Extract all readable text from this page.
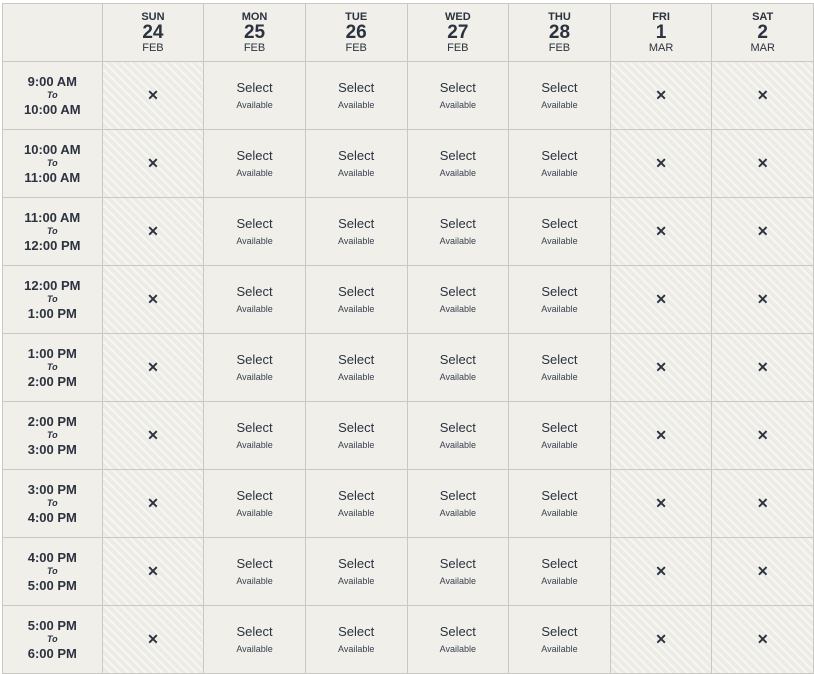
	SUN
24
FEB	MON
25
FEB	TUE
26
FEB	WED
27
FEB	THU
28
FEB	FRI
1
MAR	SAT
2
MAR

9:00 AM
To
10:00 AM	✕	Select
Available	Select
Available	Select
Available	Select
Available	✕	✕

10:00 AM
To
11:00 AM	✕	Select
Available	Select
Available	Select
Available	Select
Available	✕	✕

11:00 AM
To
12:00 PM	✕	Select
Available	Select
Available	Select
Available	Select
Available	✕	✕

12:00 PM
To
1:00 PM	✕	Select
Available	Select
Available	Select
Available	Select
Available	✕	✕

1:00 PM
To
2:00 PM	✕	Select
Available	Select
Available	Select
Available	Select
Available	✕	✕

2:00 PM
To
3:00 PM	✕	Select
Available	Select
Available	Select
Available	Select
Available	✕	✕

3:00 PM
To
4:00 PM	✕	Select
Available	Select
Available	Select
Available	Select
Available	✕	✕

4:00 PM
To
5:00 PM	✕	Select
Available	Select
Available	Select
Available	Select
Available	✕	✕

5:00 PM
To
6:00 PM	✕	Select
Available	Select
Available	Select
Available	Select
Available	✕	✕
